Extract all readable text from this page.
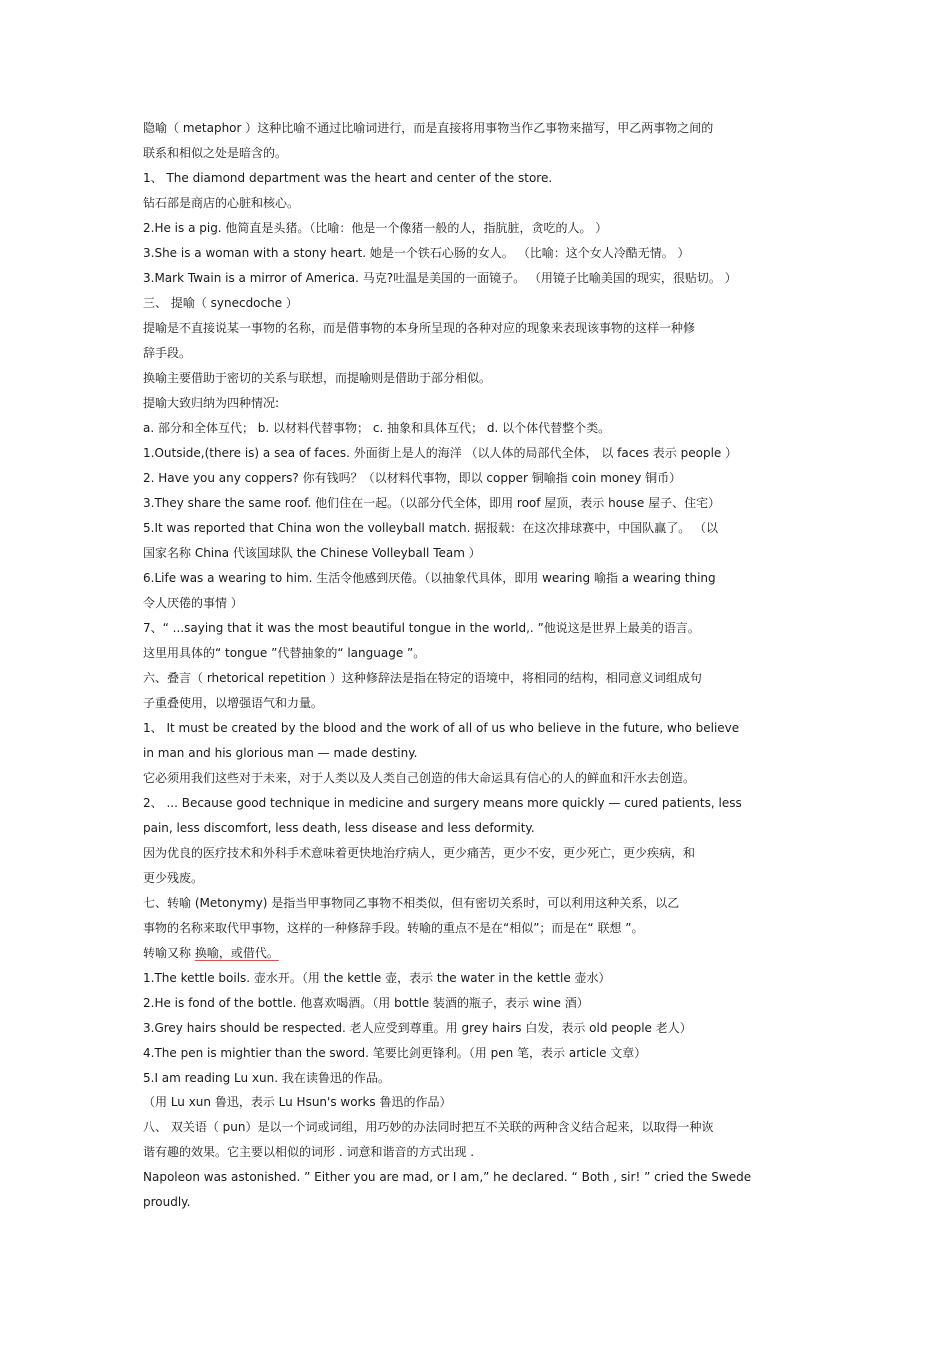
隐喻（ metaphor ）这种比喻不通过比喻词进行，而是直接将用事物当作乙事物来描写，甲乙两事物之间的
联系和相似之处是暗含的。
1、 The diamond department was the heart and center of the store.
钻石部是商店的心脏和核心。
2.He is a pig. 他简直是头猪。（比喻：他是一个像猪一般的人，指肮脏，贪吃的人。 ）
3.She is a woman with a stony heart. 她是一个铁石心肠的女人。 （比喻：这个女人冷酷无情。 ）
3.Mark Twain is a mirror of America. 马克?吐温是美国的一面镜子。 （用镜子比喻美国的现实，很贴切。 ）
三、 提喻（ synecdoche ）
提喻是不直接说某一事物的名称，而是借事物的本身所呈现的各种对应的现象来表现该事物的这样一种修
辞手段。
换喻主要借助于密切的关系与联想，而提喻则是借助于部分相似。
提喻大致归纳为四种情况:
a. 部分和全体互代； b. 以材料代替事物； c. 抽象和具体互代； d. 以个体代替整个类。
1.Outside,(there is) a sea of faces. 外面街上是人的海洋 （以人体的局部代全体， 以 faces 表示 people ）
2. Have you any coppers? 你有钱吗？（以材料代事物，即以 copper 铜喻指 coin money 铜币）
3.They share the same roof. 他们住在一起。（以部分代全体，即用 roof 屋顶，表示 house 屋子、住宅）
5.It was reported that China won the volleyball match. 据报载：在这次排球赛中，中国队赢了。 （以
国家名称 China 代该国球队 the Chinese Volleyball Team ）
6.Life was a wearing to him. 生活令他感到厌倦。（以抽象代具体，即用 wearing 喻指 a wearing thing
令人厌倦的事情 ）
7、“ ...saying that it was the most beautiful tongue in the world,. ”他说这是世界上最美的语言。
这里用具体的“ tongue ”代替抽象的“ language ”。
六、叠言（ rhetorical repetition ）这种修辞法是指在特定的语境中，将相同的结构，相同意义词组成句
子重叠使用，以增强语气和力量。
1、 It must be created by the blood and the work of all of us who believe in the future, who believe
in man and his glorious man — made destiny.
它必须用我们这些对于未来，对于人类以及人类自己创造的伟大命运具有信心的人的鲜血和汗水去创造。
2、 ... Because good technique in medicine and surgery means more quickly — cured patients, less
pain, less discomfort, less death, less disease and less deformity.
因为优良的医疗技术和外科手术意味着更快地治疗病人，更少痛苦，更少不安，更少死亡，更少疾病，和
更少残废。
七、转喻 (Metonymy) 是指当甲事物同乙事物不相类似，但有密切关系时，可以利用这种关系，以乙
事物的名称来取代甲事物，这样的一种修辞手段。转喻的重点不是在“相似”；而是在“ 联想 ”。
转喻又称 换喻，或借代。
1.The kettle boils. 壶水开。（用 the kettle 壶，表示 the water in the kettle 壶水）
2.He is fond of the bottle. 他喜欢喝酒。（用 bottle 装酒的瓶子，表示 wine 酒）
3.Grey hairs should be respected. 老人应受到尊重。用 grey hairs 白发，表示 old people 老人）
4.The pen is mightier than the sword. 笔要比剑更锋利。（用 pen 笔，表示 article 文章）
5.I am reading Lu xun. 我在读鲁迅的作品。
（用 Lu xun 鲁迅，表示 Lu Hsun's works 鲁迅的作品）
八、 双关语（ pun）是以一个词或词组，用巧妙的办法同时把互不关联的两种含义结合起来，以取得一种诙
谐有趣的效果。它主要以相似的词形 . 词意和谐音的方式出现 .
Napoleon was astonished. ” Either you are mad, or I am,” he declared. “ Both , sir! ” cried the Swede
proudly.
